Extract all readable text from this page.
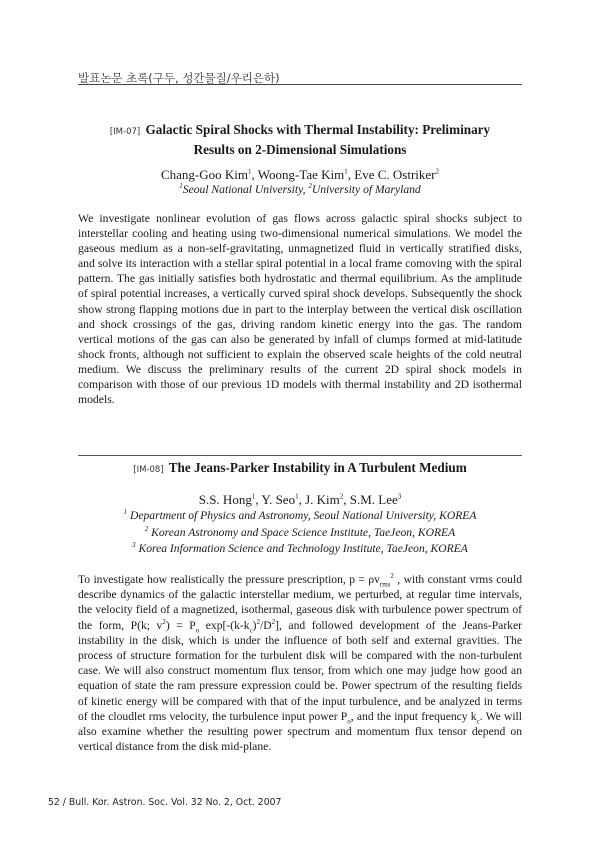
발표논문 초록(구두, 성간물질/우리은하)
[IM-07] Galactic Spiral Shocks with Thermal Instability: Preliminary
Results on 2-Dimensional Simulations
Chang-Goo Kim$^1$, Woong-Tae Kim$^1$, Eve C. Ostriker$^2$
$^1$Seoul National University, $^2$University of Maryland

We investigate nonlinear evolution of gas flows across galactic spiral shocks subject to interstellar cooling and heating using two-dimensional numerical simulations. We model the gaseous medium as a non-self-gravitating, unmagnetized fluid in vertically stratified disks, and solve its interaction with a stellar spiral potential in a local frame comoving with the spiral pattern. The gas initially satisfies both hydrostatic and thermal equilibrium. As the amplitude of spiral potential increases, a vertically curved spiral shock develops. Subsequently the shock show strong flapping motions due in part to the interplay between the vertical disk oscillation and shock crossings of the gas, driving random kinetic energy into the gas. The random vertical motions of the gas can also be generated by infall of clumps formed at mid-latitude shock fronts, although not sufficient to explain the observed scale heights of the cold neutral medium. We discuss the preliminary results of the current 2D spiral shock models in comparison with those of our previous 1D models with thermal instability and 2D isothermal models.

[IM-08] The Jeans-Parker Instability in A Turbulent Medium
S.S. Hong$^1$, Y. Seo$^1$, J. Kim$^2$, S.M. Lee$^3$
$^1$ Department of Physics and Astronomy, Seoul National University, KOREA
$^2$ Korean Astronomy and Space Science Institute, TaeJeon, KOREA
$^3$ Korea Information Science and Technology Institute, TaeJeon, KOREA

To investigate how realistically the pressure prescription, $p = \rho v_{rms}^2$ , with constant vrms could describe dynamics of the galactic interstellar medium, we perturbed, at regular time intervals, the velocity field of a magnetized, isothermal, gaseous disk with turbulence power spectrum of the form, P(k; $v^2) = P_o$ $\exp[-(k-k_c)^2/D^2]$, and followed development of the Jeans-Parker instability in the disk, which is under the influence of both self and external gravities. The process of structure formation for the turbulent disk will be compared with the non-turbulent case. We will also construct momentum flux tensor, from which one may judge how good an equation of state the ram pressure expression could be. Power spectrum of the resulting fields of kinetic energy will be compared with that of the input turbulence, and be analyzed in terms of the cloudlet rms velocity, the turbulence input power $P_o$, and the input frequency $k_c$. We will also examine whether the resulting power spectrum and momentum flux tensor depend on vertical distance from the disk mid-plane.

52 / Bull. Kor. Astron. Soc. Vol. 32 No. 2, Oct. 2007
